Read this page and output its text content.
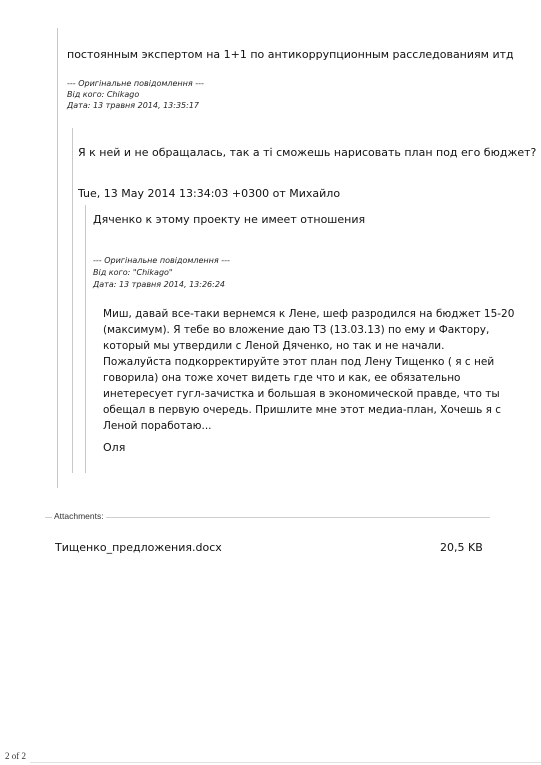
постоянным экспертом на 1+1 по антикоррупционным расследованиям итд
--- Оригінальне повідомлення ---
Від кого: Chikago
Дата: 13 травня 2014, 13:35:17
Я к ней и не обращалась, так а ті сможешь нарисовать план под его бюджет?
Tue, 13 May 2014 13:34:03 +0300 от Михайло
Дяченко к этому проекту не имеет отношения
--- Оригінальне повідомлення ---
Від кого: "Chikago"
Дата: 13 травня 2014, 13:26:24
Миш, давай все-таки вернемся к Лене, шеф разродился на бюджет 15-20
(максимум). Я тебе во вложение даю ТЗ (13.03.13) по ему и Фактору,
который мы утвердили с Леной Дяченко, но так и не начали.
Пожалуйста подкорректируйте этот план под Лену Тищенко ( я с ней
говорила) она тоже хочет видеть где что и как, ее обязательно
инетересует гугл-зачистка и большая в экономической правде, что ты
обещал в первую очередь. Пришлите мне этот медиа-план, Хочешь я с
Леной поработаю...
Оля
Attachments:
Тищенко_предложения.docx	20,5 KB
2 of 2
